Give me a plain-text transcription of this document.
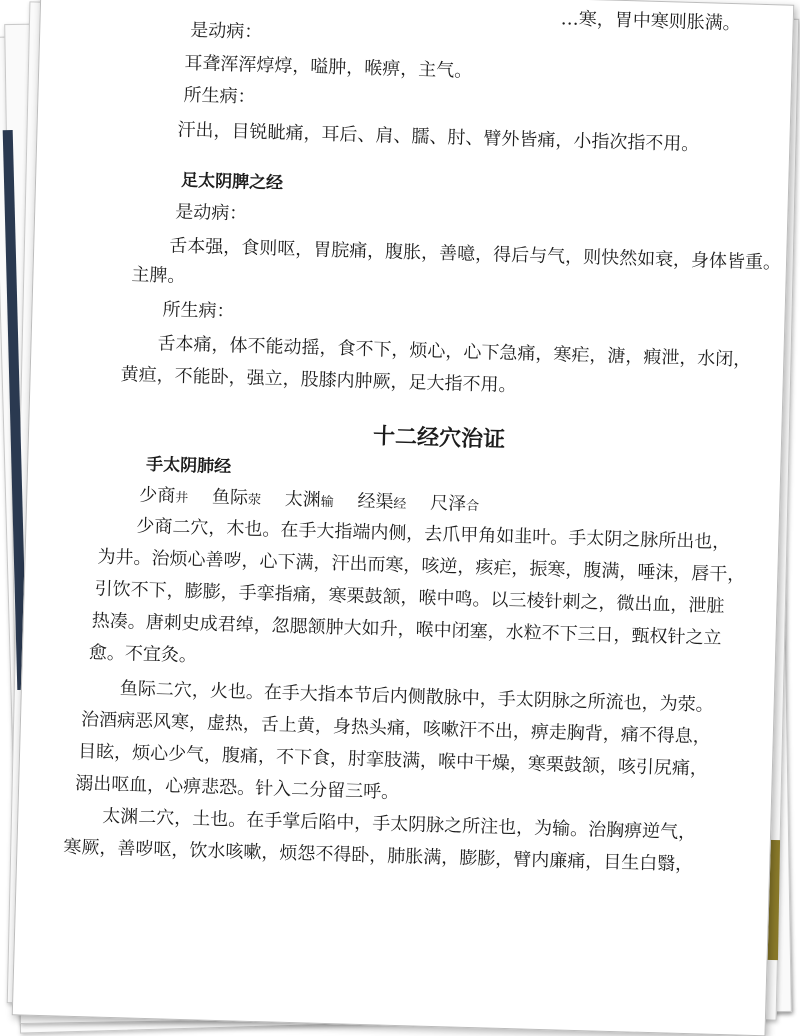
…寒，胃中寒则胀满。
是动病：
耳聋浑浑焞焞，嗌肿，喉痹，主气。
所生病：
汗出，目锐眦痛，耳后、肩、臑、肘、臂外皆痛，小指次指不用。
足太阴脾之经
是动病：
舌本强，食则呕，胃脘痛，腹胀，善噫，得后与气，则快然如衰，身体皆重。
主脾。
所生病：
舌本痛，体不能动摇，食不下，烦心，心下急痛，寒疟，溏，瘕泄，水闭，
黄疸，不能卧，强立，股膝内肿厥，足大指不用。
十二经穴治证
手太阴肺经
少商井　 鱼际荥　 太渊输　 经渠经　 尺泽合
少商二穴，木也。在手大指端内侧，去爪甲角如韭叶。手太阴之脉所出也，
为井。治烦心善哕，心下满，汗出而寒，咳逆，痎疟，振寒，腹满，唾沫，唇干，
引饮不下，膨膨，手挛指痛，寒栗鼓颔，喉中鸣。以三棱针刺之，微出血，泄脏
热凑。唐刺史成君绰，忽腮颔肿大如升，喉中闭塞，水粒不下三日，甄权针之立
愈。不宜灸。
鱼际二穴，火也。在手大指本节后内侧散脉中，手太阴脉之所流也，为荥。
治酒病恶风寒，虚热，舌上黄，身热头痛，咳嗽汗不出，痹走胸背，痛不得息，
目眩，烦心少气，腹痛，不下食，肘挛肢满，喉中干燥，寒栗鼓颔，咳引尻痛，
溺出呕血，心痹悲恐。针入二分留三呼。
太渊二穴，土也。在手掌后陷中，手太阴脉之所注也，为输。治胸痹逆气，
寒厥，善哕呕，饮水咳嗽，烦怨不得卧，肺胀满，膨膨，臂内廉痛，目生白翳，
